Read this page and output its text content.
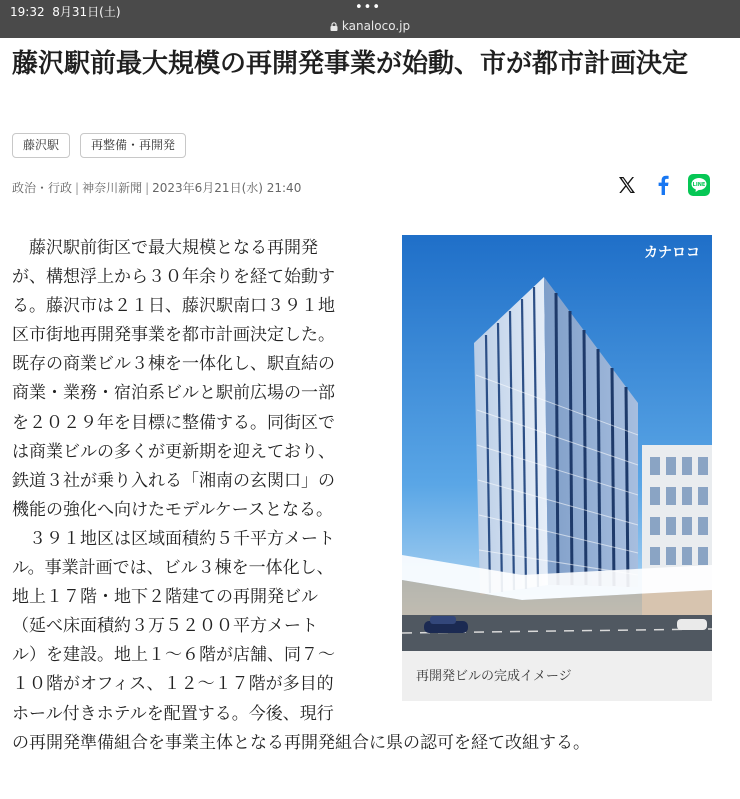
19:32 8月31日(土)	•••
kanaloco.jp
藤沢駅前最大規模の再開発事業が始動、市が都市計画決定
藤沢駅	再整備・再開発
政治・行政 | 神奈川新聞 | 2023年6月21日(水) 21:40	LINE
カナロコ
再開発ビルの完成イメージ

　藤沢駅前街区で最大規模となる再開発が、構想浮上から３０年余りを経て始動する。藤沢市は２１日、藤沢駅南口３９１地区市街地再開発事業を都市計画決定した。既存の商業ビル３棟を一体化し、駅直結の商業・業務・宿泊系ビルと駅前広場の一部を２０２９年を目標に整備する。同街区では商業ビルの多くが更新期を迎えており、鉄道３社が乗り入れる「湘南の玄関口」の機能の強化へ向けたモデルケースとなる。

　３９１地区は区域面積約５千平方メートル。事業計画では、ビル３棟を一体化し、地上１７階・地下２階建ての再開発ビル（延べ床面積約３万５２００平方メートル）を建設。地上１～６階が店舗、同７～１０階がオフィス、１２～１７階が多目的ホール付きホテルを配置する。今後、現行の再開発準備組合を事業主体となる再開発組合に県の認可を経て改組する。
